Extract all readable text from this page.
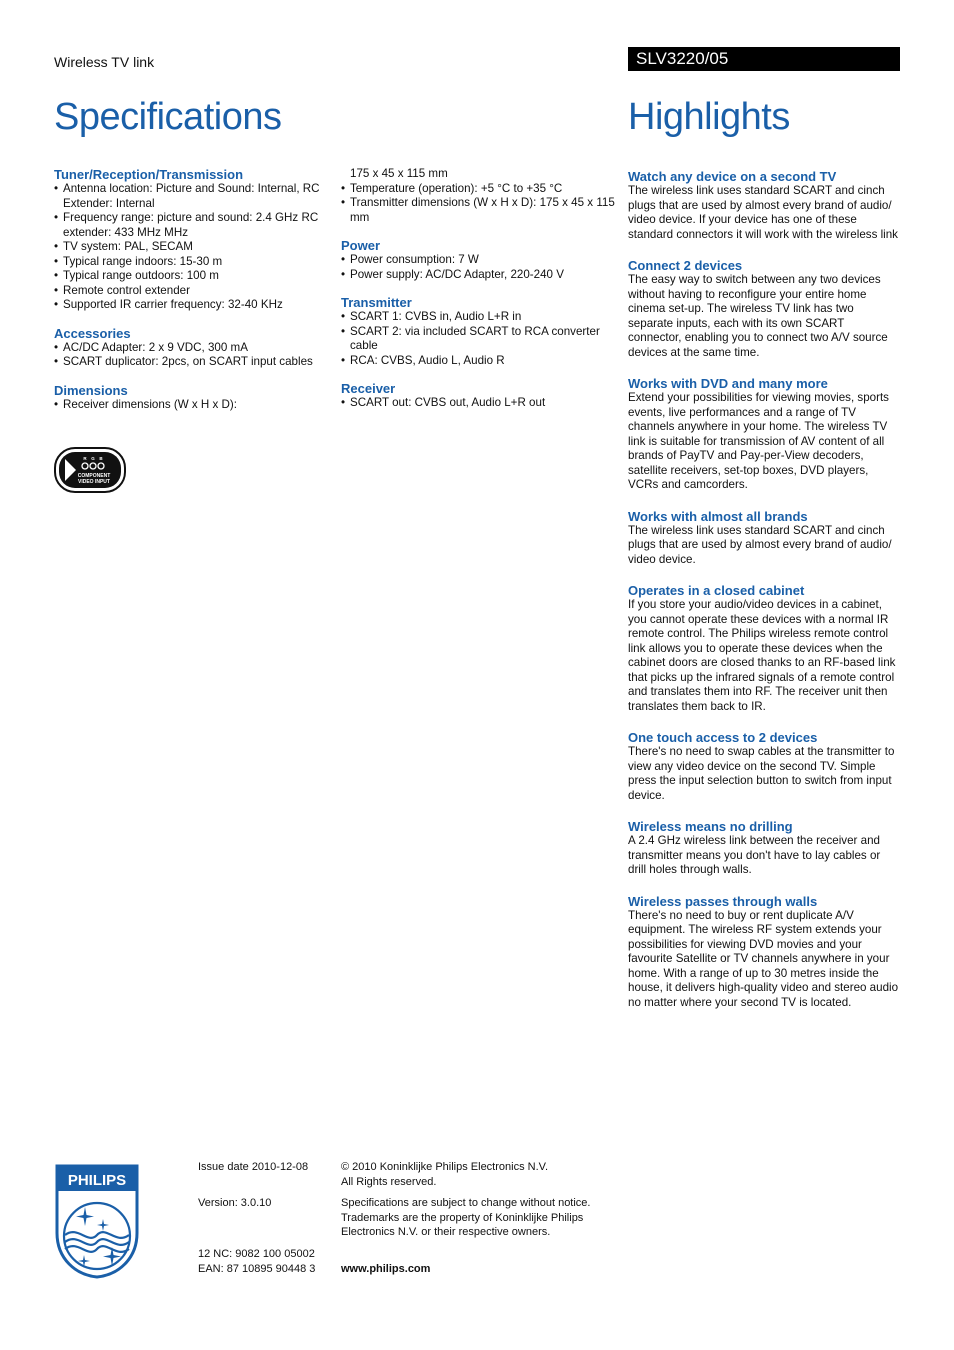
Wireless TV link	SLV3220/05
Specifications	Highlights
Tuner/Reception/Transmission
• Antenna location: Picture and Sound: Internal, RC Extender: Internal
• Frequency range: picture and sound: 2.4 GHz RC extender: 433 MHz MHz
• TV system: PAL, SECAM
• Typical range indoors: 15-30 m
• Typical range outdoors: 100 m
• Remote control extender
• Supported IR carrier frequency: 32-40 KHz
Accessories
• AC/DC Adapter: 2 x 9 VDC, 300 mA
• SCART duplicator: 2pcs, on SCART input cables
Dimensions
• Receiver dimensions (W x H x D):
R G B
COMPONENT
VIDEO INPUT
175 x 45 x 115 mm
• Temperature (operation): +5 °C to +35 °C
• Transmitter dimensions (W x H x D): 175 x 45 x 115 mm
Power
• Power consumption: 7 W
• Power supply: AC/DC Adapter, 220-240 V
Transmitter
• SCART 1: CVBS in, Audio L+R in
• SCART 2: via included SCART to RCA converter cable
• RCA: CVBS, Audio L, Audio R
Receiver
• SCART out: CVBS out, Audio L+R out
Watch any device on a second TV

The wireless link uses standard SCART and cinch plugs that are used by almost every brand of audio/ video device. If your device has one of these standard connectors it will work with the wireless link

Connect 2 devices

The easy way to switch between any two devices without having to reconfigure your entire home cinema set-up. The wireless TV link has two separate inputs, each with its own SCART connector, enabling you to connect two A/V source devices at the same time.

Works with DVD and many more

Extend your possibilities for viewing movies, sports events, live performances and a range of TV channels anywhere in your home. The wireless TV link is suitable for transmission of AV content of all brands of PayTV and Pay-per-View decoders, satellite receivers, set-top boxes, DVD players, VCRs and camcorders.

Works with almost all brands

The wireless link uses standard SCART and cinch plugs that are used by almost every brand of audio/ video device.

Operates in a closed cabinet

If you store your audio/video devices in a cabinet, you cannot operate these devices with a normal IR remote control. The Philips wireless remote control link allows you to operate these devices when the cabinet doors are closed thanks to an RF-based link that picks up the infrared signals of a remote control and translates them into RF. The receiver unit then translates them back to IR.

One touch access to 2 devices

There's no need to swap cables at the transmitter to view any video device on the second TV. Simple press the input selection button to switch from input device.

Wireless means no drilling

A 2.4 GHz wireless link between the receiver and transmitter means you don't have to lay cables or drill holes through walls.

Wireless passes through walls

There's no need to buy or rent duplicate A/V equipment. The wireless RF system extends your possibilities for viewing DVD movies and your favourite Satellite or TV channels anywhere in your home. With a range of up to 30 metres inside the house, it delivers high-quality video and stereo audio no matter where your second TV is located.

PHILIPS
Issue date 2010-12-08
Version: 3.0.10
12 NC: 9082 100 05002
EAN: 87 10895 90448 3
© 2010 Koninklijke Philips Electronics N.V.
All Rights reserved.
Specifications are subject to change without notice. Trademarks are the property of Koninklijke Philips Electronics N.V. or their respective owners.
www.philips.com
